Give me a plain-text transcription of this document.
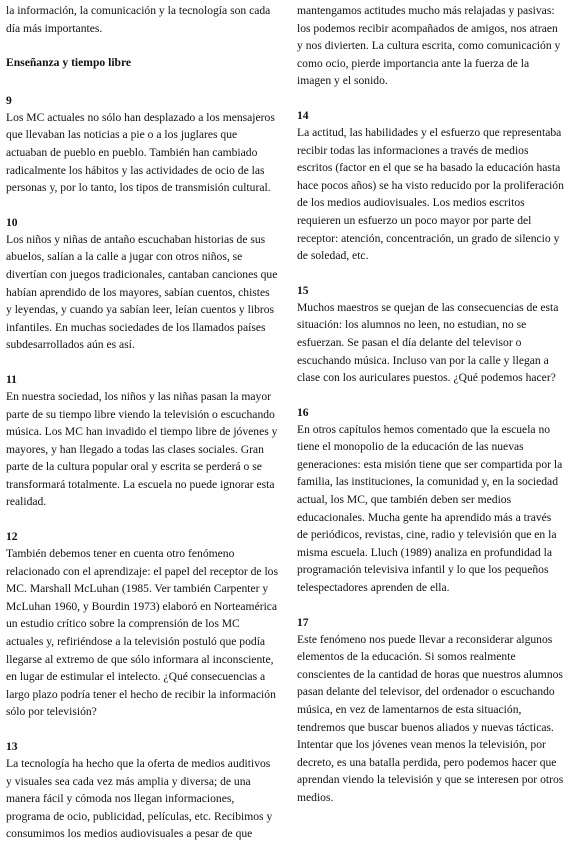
la información, la comunicación y la tecnología son cada día más importantes.

Enseñanza y tiempo libre

9

Los MC actuales no sólo han desplazado a los mensajeros que llevaban las noticias a pie o a los juglares que actuaban de pueblo en pueblo. También han cambiado radicalmente los hábitos y las actividades de ocio de las personas y, por lo tanto, los tipos de transmisión cultural.

10

Los niños y niñas de antaño escuchaban historias de sus abuelos, salían a la calle a jugar con otros niños, se divertían con juegos tradicionales, cantaban canciones que habían aprendido de los mayores, sabían cuentos, chistes y leyendas, y cuando ya sabían leer, leían cuentos y libros infantiles. En muchas sociedades de los llamados países subdesarrollados aún es así.

11

En nuestra sociedad, los niños y las niñas pasan la mayor parte de su tiempo libre viendo la televisión o escuchando música. Los MC han invadido el tiempo libre de jóvenes y mayores, y han llegado a todas las clases sociales. Gran parte de la cultura popular oral y escrita se perderá o se transformará totalmente. La escuela no puede ignorar esta realidad.

12

También debemos tener en cuenta otro fenómeno relacionado con el aprendizaje: el papel del receptor de los MC. Marshall McLuhan (1985. Ver también Carpenter y McLuhan 1960, y Bourdin 1973) elaboró en Norteamérica un estudio crítico sobre la comprensión de los MC actuales y, refiriéndose a la televisión postuló que podía llegarse al extremo de que sólo informara al inconsciente, en lugar de estimular el intelecto. ¿Qué consecuencias a largo plazo podría tener el hecho de recibir la información sólo por televisión?

13

La tecnología ha hecho que la oferta de medios auditivos y visuales sea cada vez más amplia y diversa; de una manera fácil y cómoda nos llegan informaciones, programa de ocio, publicidad, películas, etc. Recibimos y consumimos los medios audiovisuales a pesar de que

mantengamos actitudes mucho más relajadas y pasivas: los podemos recibir acompañados de amigos, nos atraen y nos divierten. La cultura escrita, como comunicación y como ocio, pierde importancia ante la fuerza de la imagen y el sonido.

14

La actitud, las habilidades y el esfuerzo que representaba recibir todas las informaciones a través de medios escritos (factor en el que se ha basado la educación hasta hace pocos años) se ha visto reducido por la proliferación de los medios audiovisuales. Los medios escritos requieren un esfuerzo un poco mayor por parte del receptor: atención, concentración, un grado de silencio y de soledad, etc.

15

Muchos maestros se quejan de las consecuencias de esta situación: los alumnos no leen, no estudian, no se esfuerzan. Se pasan el día delante del televisor o escuchando música. Incluso van por la calle y llegan a clase con los auriculares puestos. ¿Qué podemos hacer?

16

En otros capítulos hemos comentado que la escuela no tiene el monopolio de la educación de las nuevas generaciones: esta misión tiene que ser compartida por la familia, las instituciones, la comunidad y, en la sociedad actual, los MC, que también deben ser medios educacionales. Mucha gente ha aprendido más a través de periódicos, revistas, cine, radio y televisión que en la misma escuela. Lluch (1989) analiza en profundidad la programación televisiva infantil y lo que los pequeños telespectadores aprenden de ella.

17

Este fenómeno nos puede llevar a reconsiderar algunos elementos de la educación. Si somos realmente conscientes de la cantidad de horas que nuestros alumnos pasan delante del televisor, del ordenador o escuchando música, en vez de lamentarnos de esta situación, tendremos que buscar buenos aliados y nuevas tácticas. Intentar que los jóvenes vean menos la televisión, por decreto, es una batalla perdida, pero podemos hacer que aprendan viendo la televisión y que se interesen por otros medios.
